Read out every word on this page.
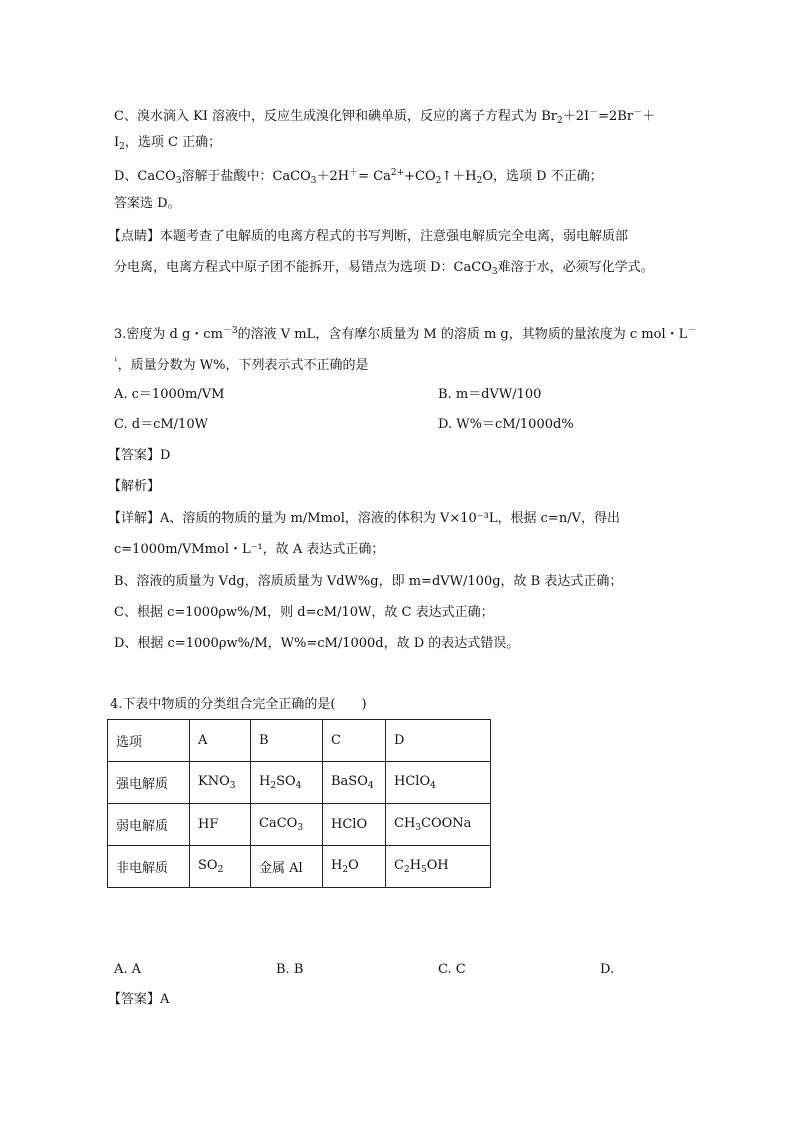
C、溴水滴入 KI 溶液中，反应生成溴化钾和碘单质，反应的离子方程式为 $Br_2+2I^-=2Br^-+$
$I_2$，选项 C 正确；
D、CaCO$_3$溶解于盐酸中：CaCO$_3$＋2H＋= $Ca^{2+}+CO_2↑+H_2O$，选项 D 不正确；
答案选 D。
【点睛】本题考查了电解质的电离方程式的书写判断，注意强电解质完全电离，弱电解质部
分电离，电离方程式中原子团不能拆开，易错点为选项 D：CaCO$_3$难溶于水，必须写化学式。
3.密度为 d g・$cm^{-3}$的溶液 V mL，含有摩尔质量为 M 的溶质 m g，其物质的量浓度为 c mol・L－
$^{^1}$，质量分数为 W%，下列表示式不正确的是
A. c＝1000m/VM	B. m＝dVW/100
C. d＝cM/10W	D. W%＝cM/1000d%
【答案】D
【解析】
【详解】A、溶质的物质的量为 m/Mmol，溶液的体积为 V×10⁻³L，根据 c=n/V，得出
c=1000m/VMmol・L⁻¹，故 A 表达式正确；
B、溶液的质量为 Vdg，溶质质量为 VdW%g，即 m=dVW/100g，故 B 表达式正确；
C、根据 c=1000ρw%/M，则 d=cM/10W，故 C 表达式正确；
D、根据 c=1000ρw%/M，W%=cM/1000d，故 D 的表达式错误。
4.下表中物质的分类组合完全正确的是(　　)
选项	A	B	C	D
强电解质	$KNO_3$	$H_2SO_4$	BaSO$_4$	HClO$_4$
弱电解质	HF	CaCO$_3$	HClO	$CH_3COONa$
非电解质	$SO_2$	金属 Al	$H_2O$	$C_2H_5OH$
A. A	B. B	C. C	D.
【答案】A
